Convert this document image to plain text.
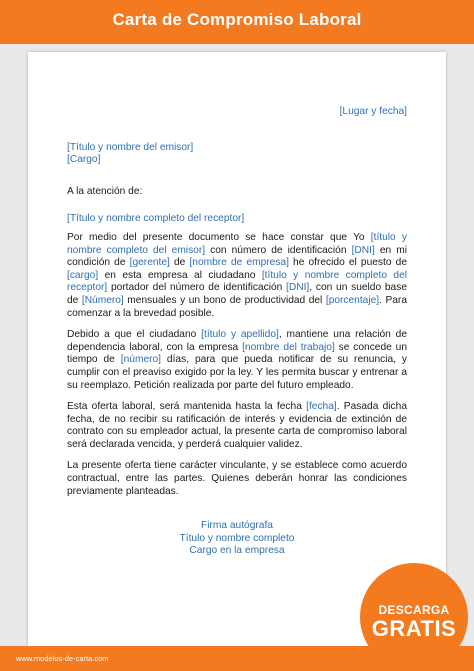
Carta de Compromiso Laboral

[Lugar y fecha]

[Título y nombre del emisor]

[Cargo]

A la atención de:

[Título y nombre completo del receptor]

Por medio del presente documento se hace constar que Yo [título y nombre completo del emisor] con número de identificación [DNI] en mi condición de [gerente] de [nombre de empresa] he ofrecido el puesto de [cargo] en esta empresa al ciudadano [título y nombre completo del receptor] portador del número de identificación [DNI], con un sueldo base de [Número] mensuales y un bono de productividad del [porcentaje]. Para comenzar a la brevedad posible.

Debido a que el ciudadano [título y apellido], mantiene una relación de dependencia laboral, con la empresa [nombre del trabajo] se concede un tiempo de [número] días, para que pueda notificar de su renuncia, y cumplir con el preaviso exigido por la ley. Y les permita buscar y entrenar a su reemplazo. Petición realizada por parte del futuro empleado.

Esta oferta laboral, será mantenida hasta la fecha [fecha]. Pasada dicha fecha, de no recibir su ratificación de interés y evidencia de extinción de contrato con su empleador actual, la presente carta de compromiso laboral será declarada vencida, y perderá cualquier validez.

La presente oferta tiene carácter vinculante, y se establece como acuerdo contractual, entre las partes. Quienes deberán honrar las condiciones previamente planteadas.

Firma autógrafa

Título y nombre completo

Cargo en la empresa

www.modelos-de-carta.com
DESCARGA
GRATIS
